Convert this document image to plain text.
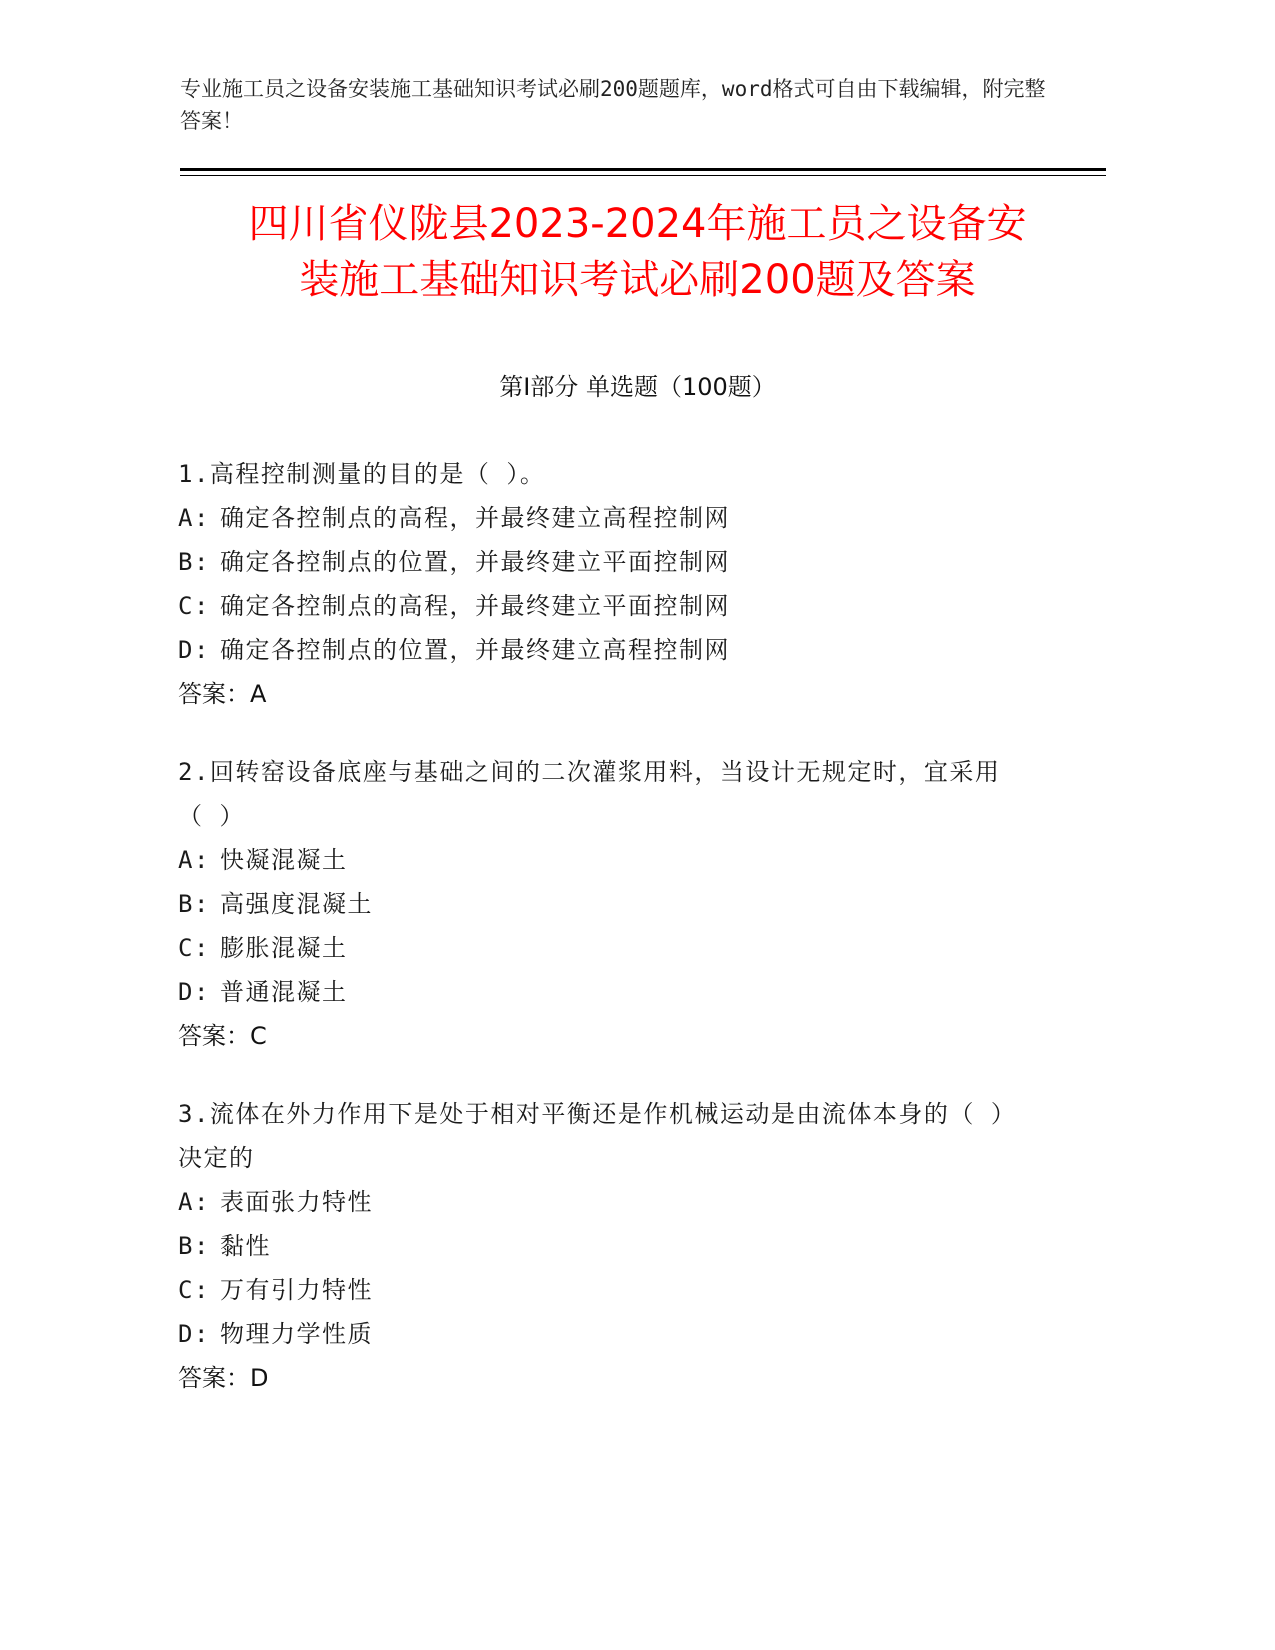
专业施工员之设备安装施工基础知识考试必刷200题题库，word格式可自由下载编辑，附完整答案！
四川省仪陇县2023-2024年施工员之设备安
装施工基础知识考试必刷200题及答案
第Ⅰ部分 单选题（100题）

1.高程控制测量的目的是（ ）。

A: 确定各控制点的高程，并最终建立高程控制网

B: 确定各控制点的位置，并最终建立平面控制网

C: 确定各控制点的高程，并最终建立平面控制网

D: 确定各控制点的位置，并最终建立高程控制网

答案：A

2.回转窑设备底座与基础之间的二次灌浆用料，当设计无规定时，宜采用（ ）

A: 快凝混凝土

B: 高强度混凝土

C: 膨胀混凝土

D: 普通混凝土

答案：C

3.流体在外力作用下是处于相对平衡还是作机械运动是由流体本身的（ ）决定的

A: 表面张力特性

B: 黏性

C: 万有引力特性

D: 物理力学性质

答案：D
